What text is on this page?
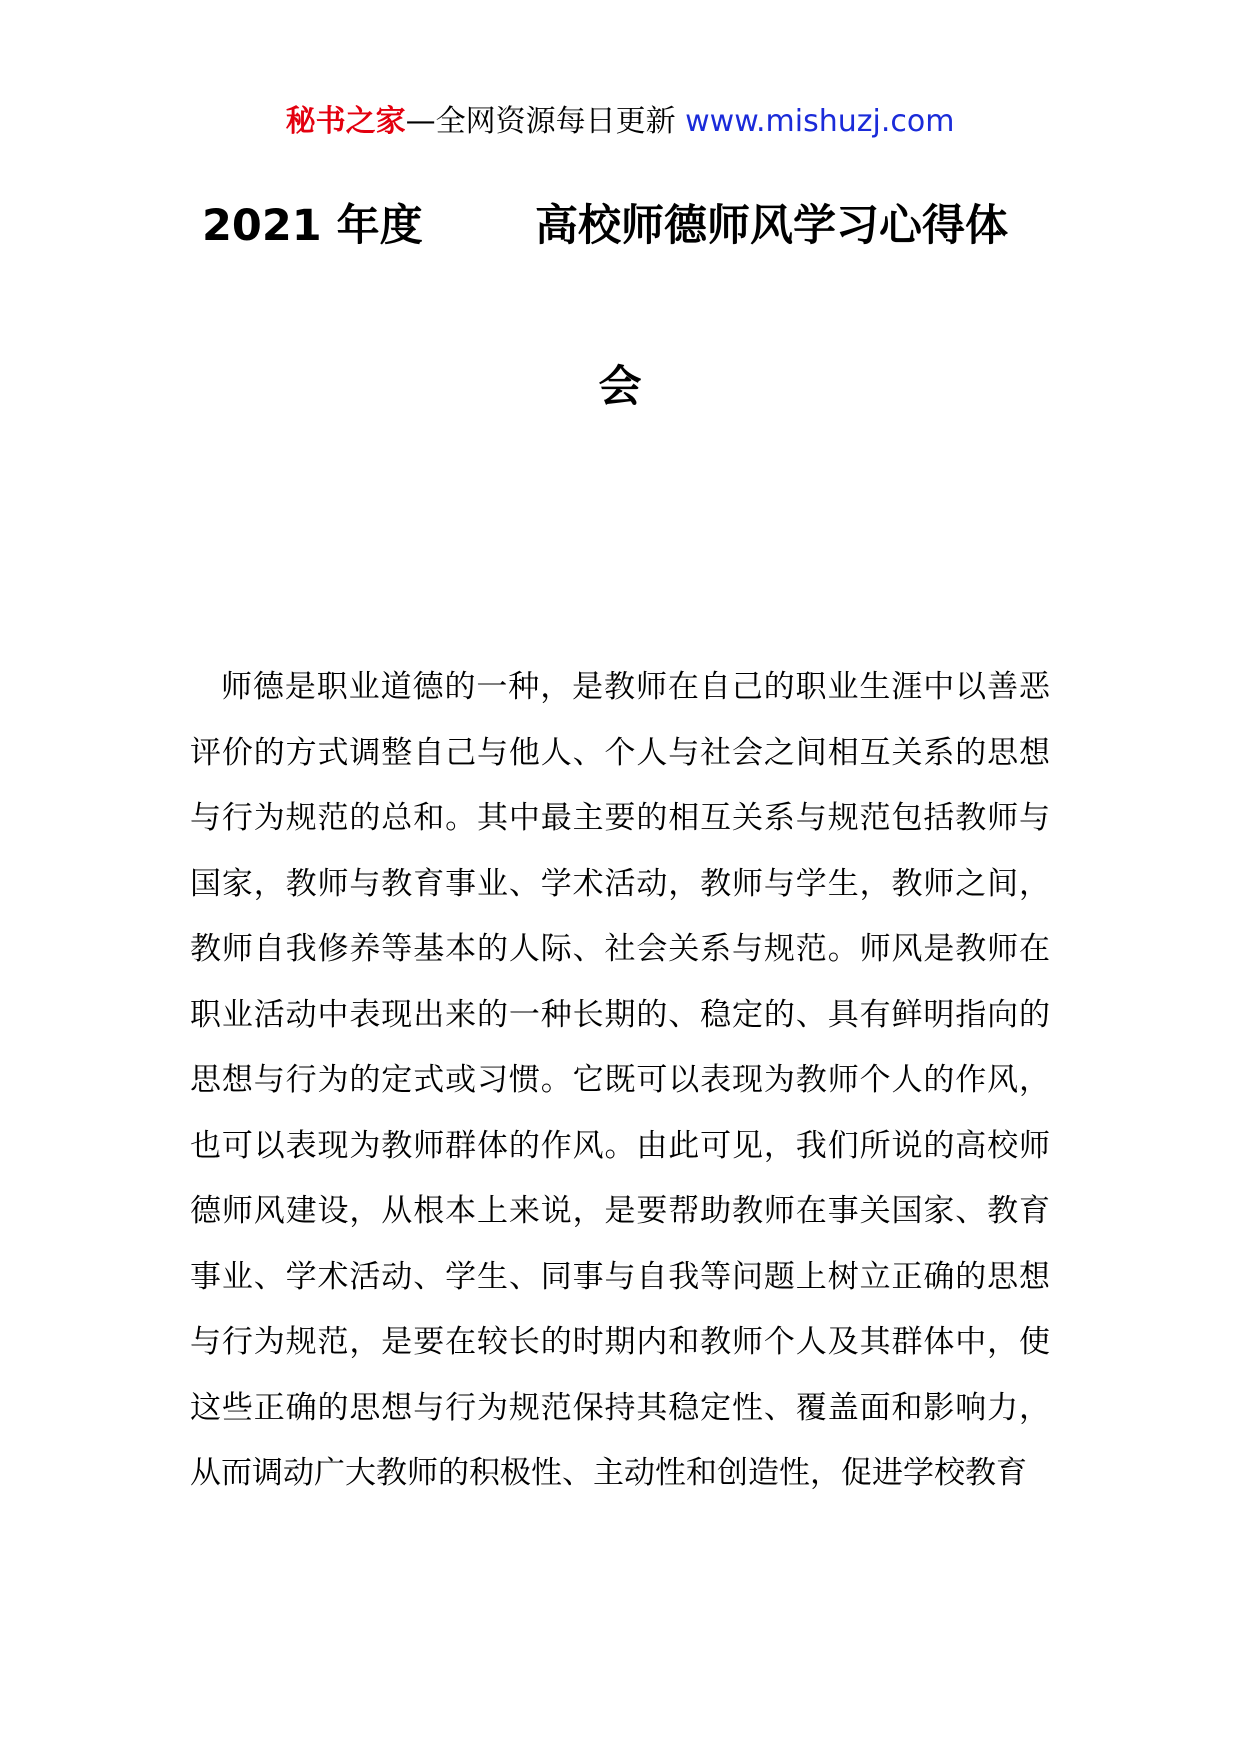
秘书之家—全网资源每日更新 www.mishuzj.com
2021 年度	高校师德师风学习心得体
会

师德是职业道德的一种，是教师在自己的职业生涯中以善恶评价的方式调整自己与他人、个人与社会之间相互关系的思想与行为规范的总和。其中最主要的相互关系与规范包括教师与国家，教师与教育事业、学术活动，教师与学生，教师之间，教师自我修养等基本的人际、社会关系与规范。师风是教师在职业活动中表现出来的一种长期的、稳定的、具有鲜明指向的思想与行为的定式或习惯。它既可以表现为教师个人的作风，也可以表现为教师群体的作风。由此可见，我们所说的高校师德师风建设，从根本上来说，是要帮助教师在事关国家、教育事业、学术活动、学生、同事与自我等问题上树立正确的思想与行为规范，是要在较长的时期内和教师个人及其群体中，使这些正确的思想与行为规范保持其稳定性、覆盖面和影响力，从而调动广大教师的积极性、主动性和创造性，促进学校教育
